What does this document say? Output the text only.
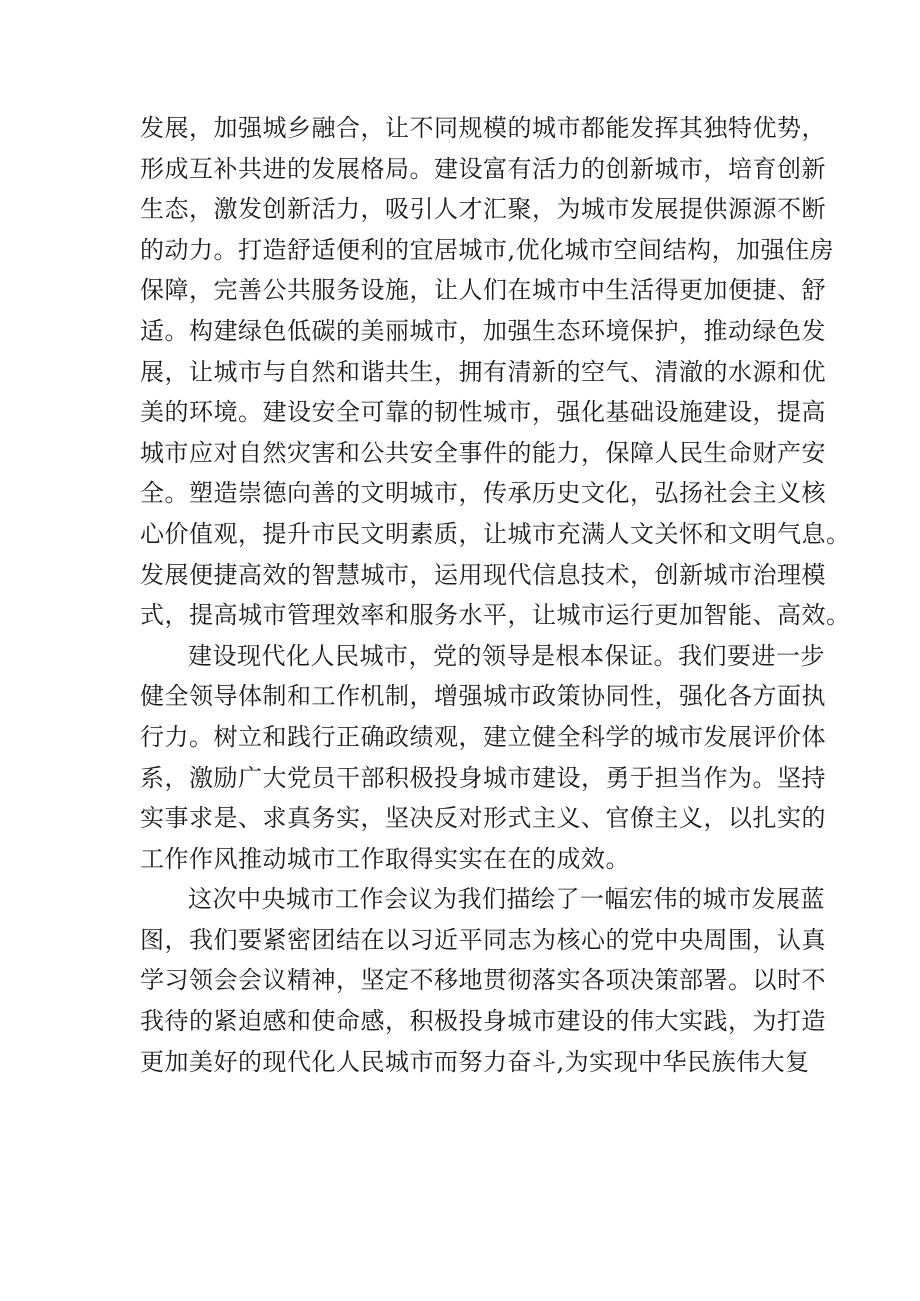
发展，加强城乡融合，让不同规模的城市都能发挥其独特优势，
形成互补共进的发展格局。建设富有活力的创新城市，培育创新
生态，激发创新活力，吸引人才汇聚，为城市发展提供源源不断
的动力。打造舒适便利的宜居城市,优化城市空间结构，加强住房
保障，完善公共服务设施，让人们在城市中生活得更加便捷、舒
适。构建绿色低碳的美丽城市，加强生态环境保护，推动绿色发
展，让城市与自然和谐共生，拥有清新的空气、清澈的水源和优
美的环境。建设安全可靠的韧性城市，强化基础设施建设，提高
城市应对自然灾害和公共安全事件的能力，保障人民生命财产安
全。塑造崇德向善的文明城市，传承历史文化，弘扬社会主义核
心价值观，提升市民文明素质，让城市充满人文关怀和文明气息。
发展便捷高效的智慧城市，运用现代信息技术，创新城市治理模
式，提高城市管理效率和服务水平，让城市运行更加智能、高效。
建设现代化人民城市，党的领导是根本保证。我们要进一步
健全领导体制和工作机制，增强城市政策协同性，强化各方面执
行力。树立和践行正确政绩观，建立健全科学的城市发展评价体
系，激励广大党员干部积极投身城市建设，勇于担当作为。坚持
实事求是、求真务实，坚决反对形式主义、官僚主义，以扎实的
工作作风推动城市工作取得实实在在的成效。
这次中央城市工作会议为我们描绘了一幅宏伟的城市发展蓝
图，我们要紧密团结在以习近平同志为核心的党中央周围，认真
学习领会会议精神，坚定不移地贯彻落实各项决策部署。以时不
我待的紧迫感和使命感，积极投身城市建设的伟大实践，为打造
更加美好的现代化人民城市而努力奋斗,为实现中华民族伟大复
